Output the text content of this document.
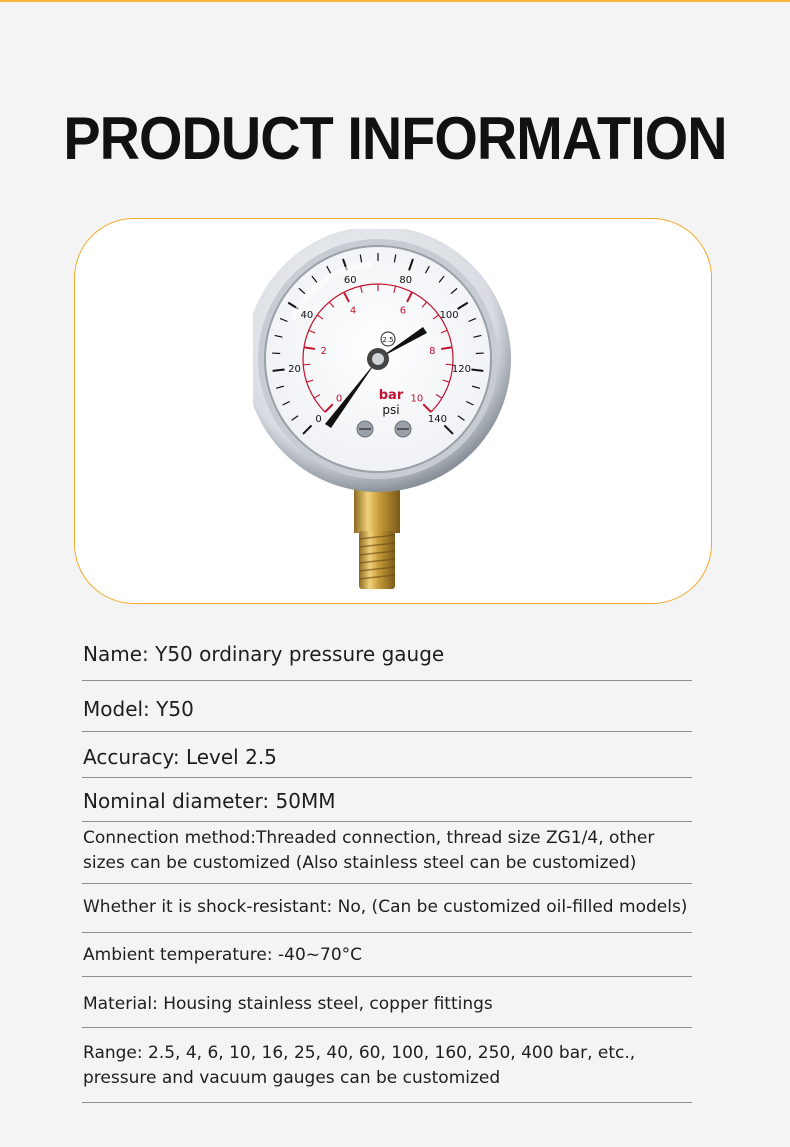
PRODUCT INFORMATION
0
20
40
60	80
100
120
140
0
2
4	6
8
10
2.5
bar
psi
Name: Y50 ordinary pressure gauge
Model: Y50
Accuracy: Level 2.5
Nominal diameter: 50MM
Connection method:Threaded connection, thread size ZG1/4, other
sizes can be customized (Also stainless steel can be customized)
Whether it is shock-resistant: No, (Can be customized oil-filled models)
Ambient temperature: -40~70°C
Material: Housing stainless steel, copper fittings
Range: 2.5, 4, 6, 10, 16, 25, 40, 60, 100, 160, 250, 400 bar, etc.,
pressure and vacuum gauges can be customized
